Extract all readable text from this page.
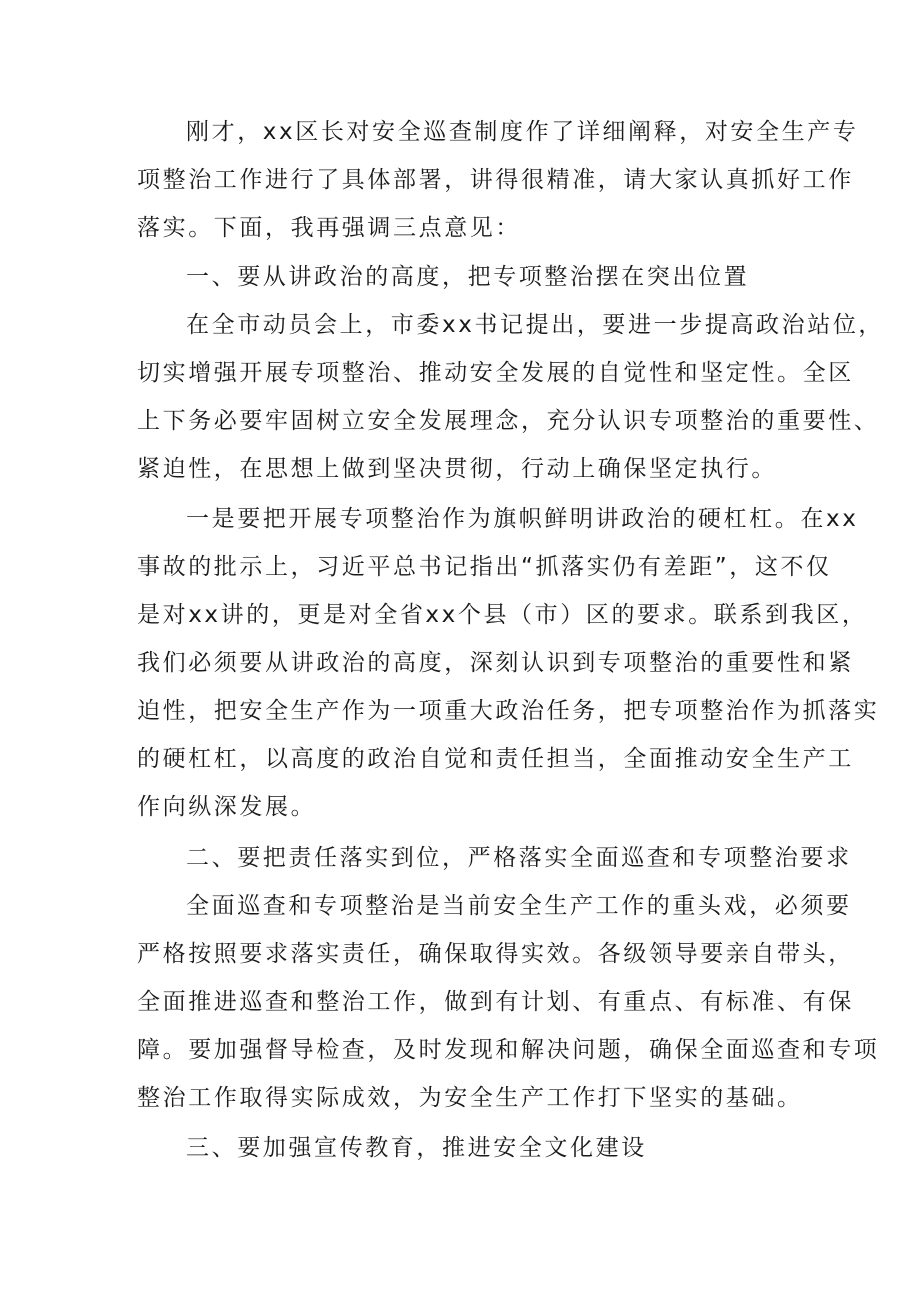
刚才，xx区长对安全巡查制度作了详细阐释，对安全生产专
项整治工作进行了具体部署，讲得很精准，请大家认真抓好工作
落实。下面，我再强调三点意见：
一、要从讲政治的高度，把专项整治摆在突出位置
在全市动员会上，市委xx书记提出，要进一步提高政治站位，
切实增强开展专项整治、推动安全发展的自觉性和坚定性。全区
上下务必要牢固树立安全发展理念，充分认识专项整治的重要性、
紧迫性，在思想上做到坚决贯彻，行动上确保坚定执行。
一是要把开展专项整治作为旗帜鲜明讲政治的硬杠杠。在xx
事故的批示上，习近平总书记指出“抓落实仍有差距”，这不仅
是对xx讲的，更是对全省xx个县（市）区的要求。联系到我区，
我们必须要从讲政治的高度，深刻认识到专项整治的重要性和紧
迫性，把安全生产作为一项重大政治任务，把专项整治作为抓落实
的硬杠杠，以高度的政治自觉和责任担当，全面推动安全生产工
作向纵深发展。
二、要把责任落实到位，严格落实全面巡查和专项整治要求
全面巡查和专项整治是当前安全生产工作的重头戏，必须要
严格按照要求落实责任，确保取得实效。各级领导要亲自带头，
全面推进巡查和整治工作，做到有计划、有重点、有标准、有保
障。要加强督导检查，及时发现和解决问题，确保全面巡查和专项
整治工作取得实际成效，为安全生产工作打下坚实的基础。
三、要加强宣传教育，推进安全文化建设
